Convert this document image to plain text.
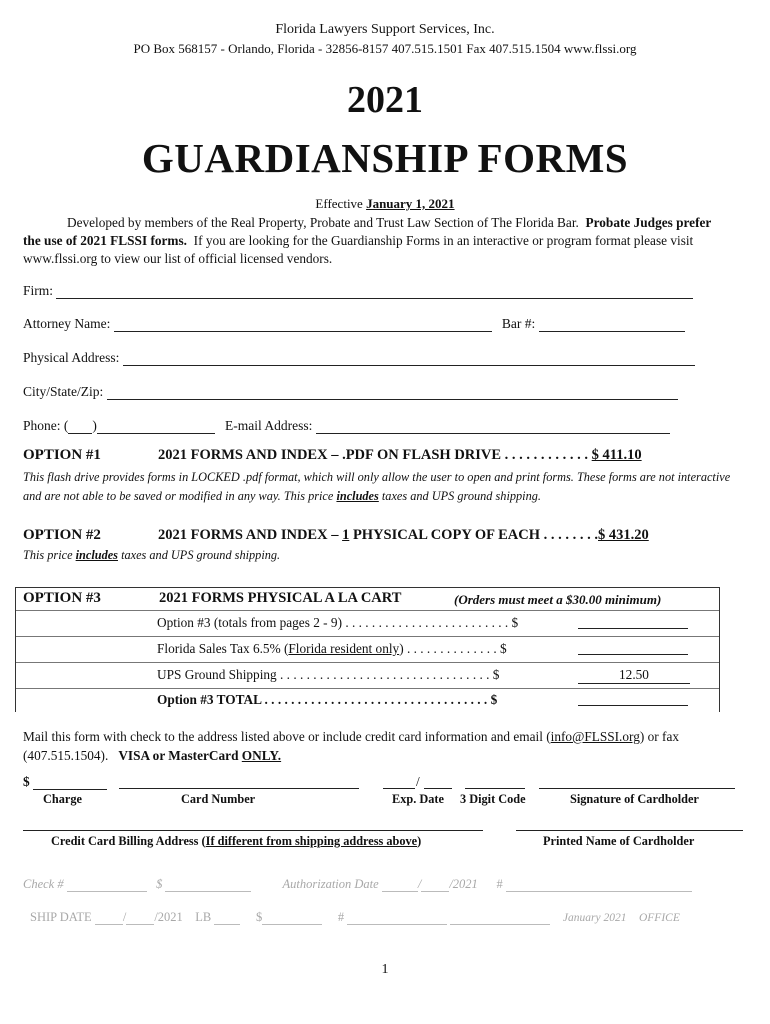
Florida Lawyers Support Services, Inc.
PO Box 568157 - Orlando, Florida - 32856-8157 407.515.1501 Fax 407.515.1504 www.flssi.org
2021
GUARDIANSHIP FORMS
Effective January 1, 2021
Developed by members of the Real Property, Probate and Trust Law Section of The Florida Bar. Probate Judges prefer the use of 2021 FLSSI forms. If you are looking for the Guardianship Forms in an interactive or program format please visit www.flssi.org to view our list of official licensed vendors.
Firm:
Attorney Name:	Bar #:
Physical Address:
City/State/Zip:
Phone: ( )	E-mail Address:
OPTION #1	2021 FORMS AND INDEX – .PDF ON FLASH DRIVE . . . . . . . . . . . . $ 411.10
This flash drive provides forms in LOCKED .pdf format, which will only allow the user to open and print forms. These forms are not interactive and are not able to be saved or modified in any way. This price includes taxes and UPS ground shipping.
OPTION #2	2021 FORMS AND INDEX – 1 PHYSICAL COPY OF EACH . . . . . . . .$ 431.20
This price includes taxes and UPS ground shipping.
OPTION #3	2021 FORMS PHYSICAL A LA CART	(Orders must meet a $30.00 minimum)
Option #3 (totals from pages 2 - 9) . . . . . . . . . . . . . . . . . . . . . . . . . $
Florida Sales Tax 6.5% (Florida resident only) . . . . . . . . . . . . . . $
UPS Ground Shipping . . . . . . . . . . . . . . . . . . . . . . . . . . . . . . . . $	12.50
Option #3 TOTAL . . . . . . . . . . . . . . . . . . . . . . . . . . . . . . . . . . $
Mail this form with check to the address listed above or include credit card information and email (info@FLSSI.org) or fax (407.515.1504). VISA or MasterCard ONLY.
$	/
Charge	Card Number	Exp. Date 3 Digit Code	Signature of Cardholder
Credit Card Billing Address (If different from shipping address above)	Printed Name of Cardholder
Check #	$	Authorization Date	/ /2021 #
SHIP DATE / /2021 LB	$	#	January 2021 OFFICE
1
